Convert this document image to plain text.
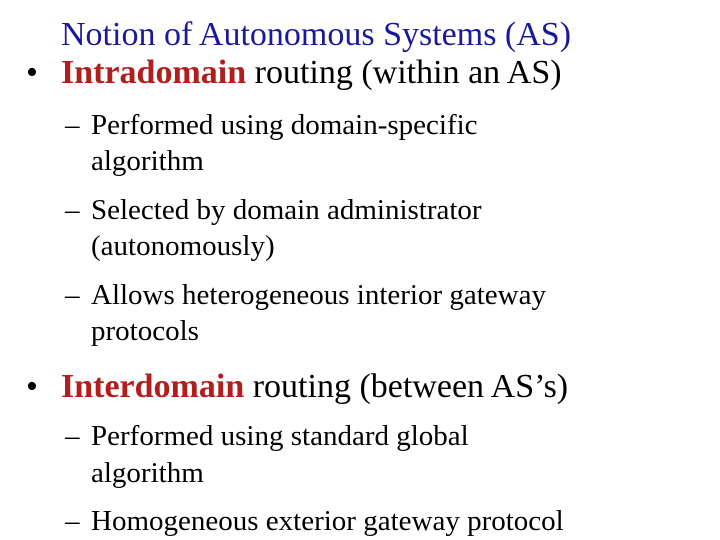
Notion of Autonomous Systems (AS)
• Intradomain routing (within an AS)
– Performed using domain-specific
algorithm
– Selected by domain administrator
(autonomously)
– Allows heterogeneous interior gateway
protocols
• Interdomain routing (between AS’s)
– Performed using standard global
algorithm
– Homogeneous exterior gateway protocol
